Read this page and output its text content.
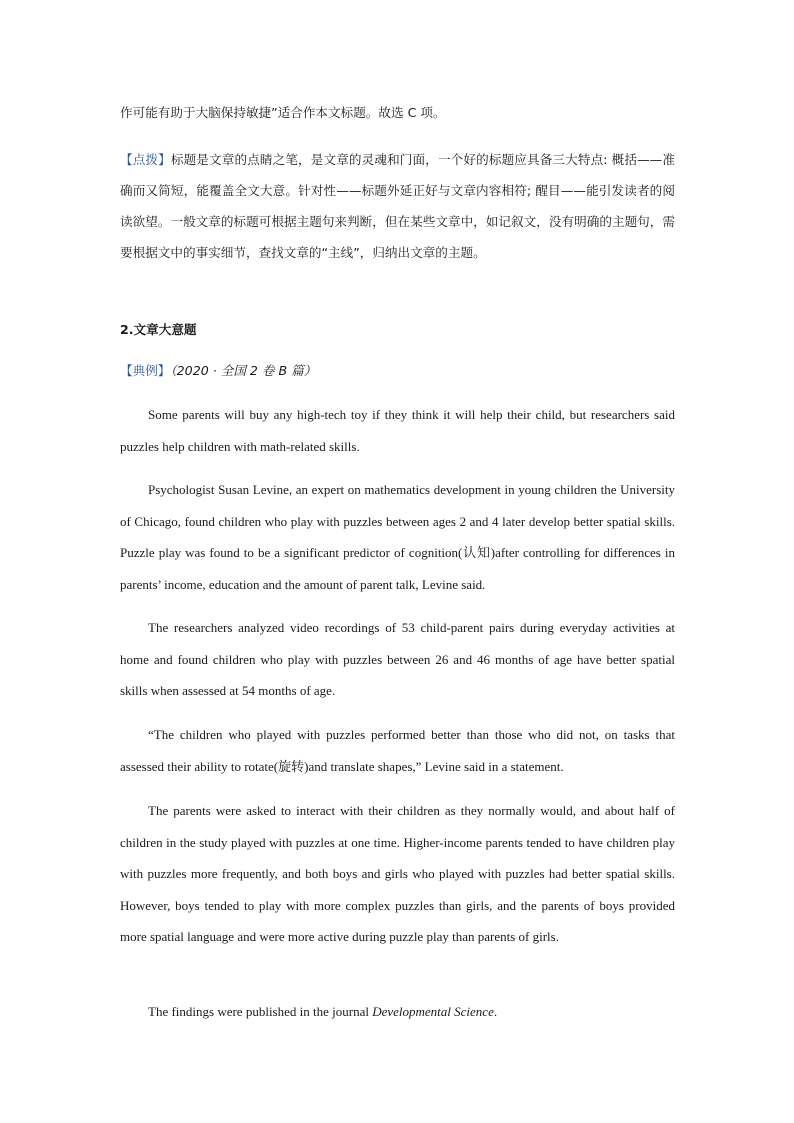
作可能有助于大脑保持敏捷”适合作本文标题。故选 C 项。
【点拨】标题是文章的点睛之笔，是文章的灵魂和门面，一个好的标题应具备三大特点: 概括——准确而又简短，能覆盖全文大意。针对性——标题外延正好与文章内容相符; 醒目——能引发读者的阅读欲望。一般文章的标题可根据主题句来判断，但在某些文章中，如记叙文，没有明确的主题句，需要根据文中的事实细节，查找文章的“主线”，归纳出文章的主题。
2.文章大意题
【典例】（2020 · 全国 2 卷 B 篇）
Some parents will buy any high-tech toy if they think it will help their child, but researchers said puzzles help children with math-related skills.
Psychologist Susan Levine, an expert on mathematics development in young children the University of Chicago, found children who play with puzzles between ages 2 and 4 later develop better spatial skills. Puzzle play was found to be a significant predictor of cognition(认知)after controlling for differences in parents’ income, education and the amount of parent talk, Levine said.
The researchers analyzed video recordings of 53 child-parent pairs during everyday activities at home and found children who play with puzzles between 26 and 46 months of age have better spatial skills when assessed at 54 months of age.
“The children who played with puzzles performed better than those who did not, on tasks that assessed their ability to rotate(旋转)and translate shapes,” Levine said in a statement.
The parents were asked to interact with their children as they normally would, and about half of children in the study played with puzzles at one time. Higher-income parents tended to have children play with puzzles more frequently, and both boys and girls who played with puzzles had better spatial skills. However, boys tended to play with more complex puzzles than girls, and the parents of boys provided more spatial language and were more active during puzzle play than parents of girls.
The findings were published in the journal Developmental Science.
